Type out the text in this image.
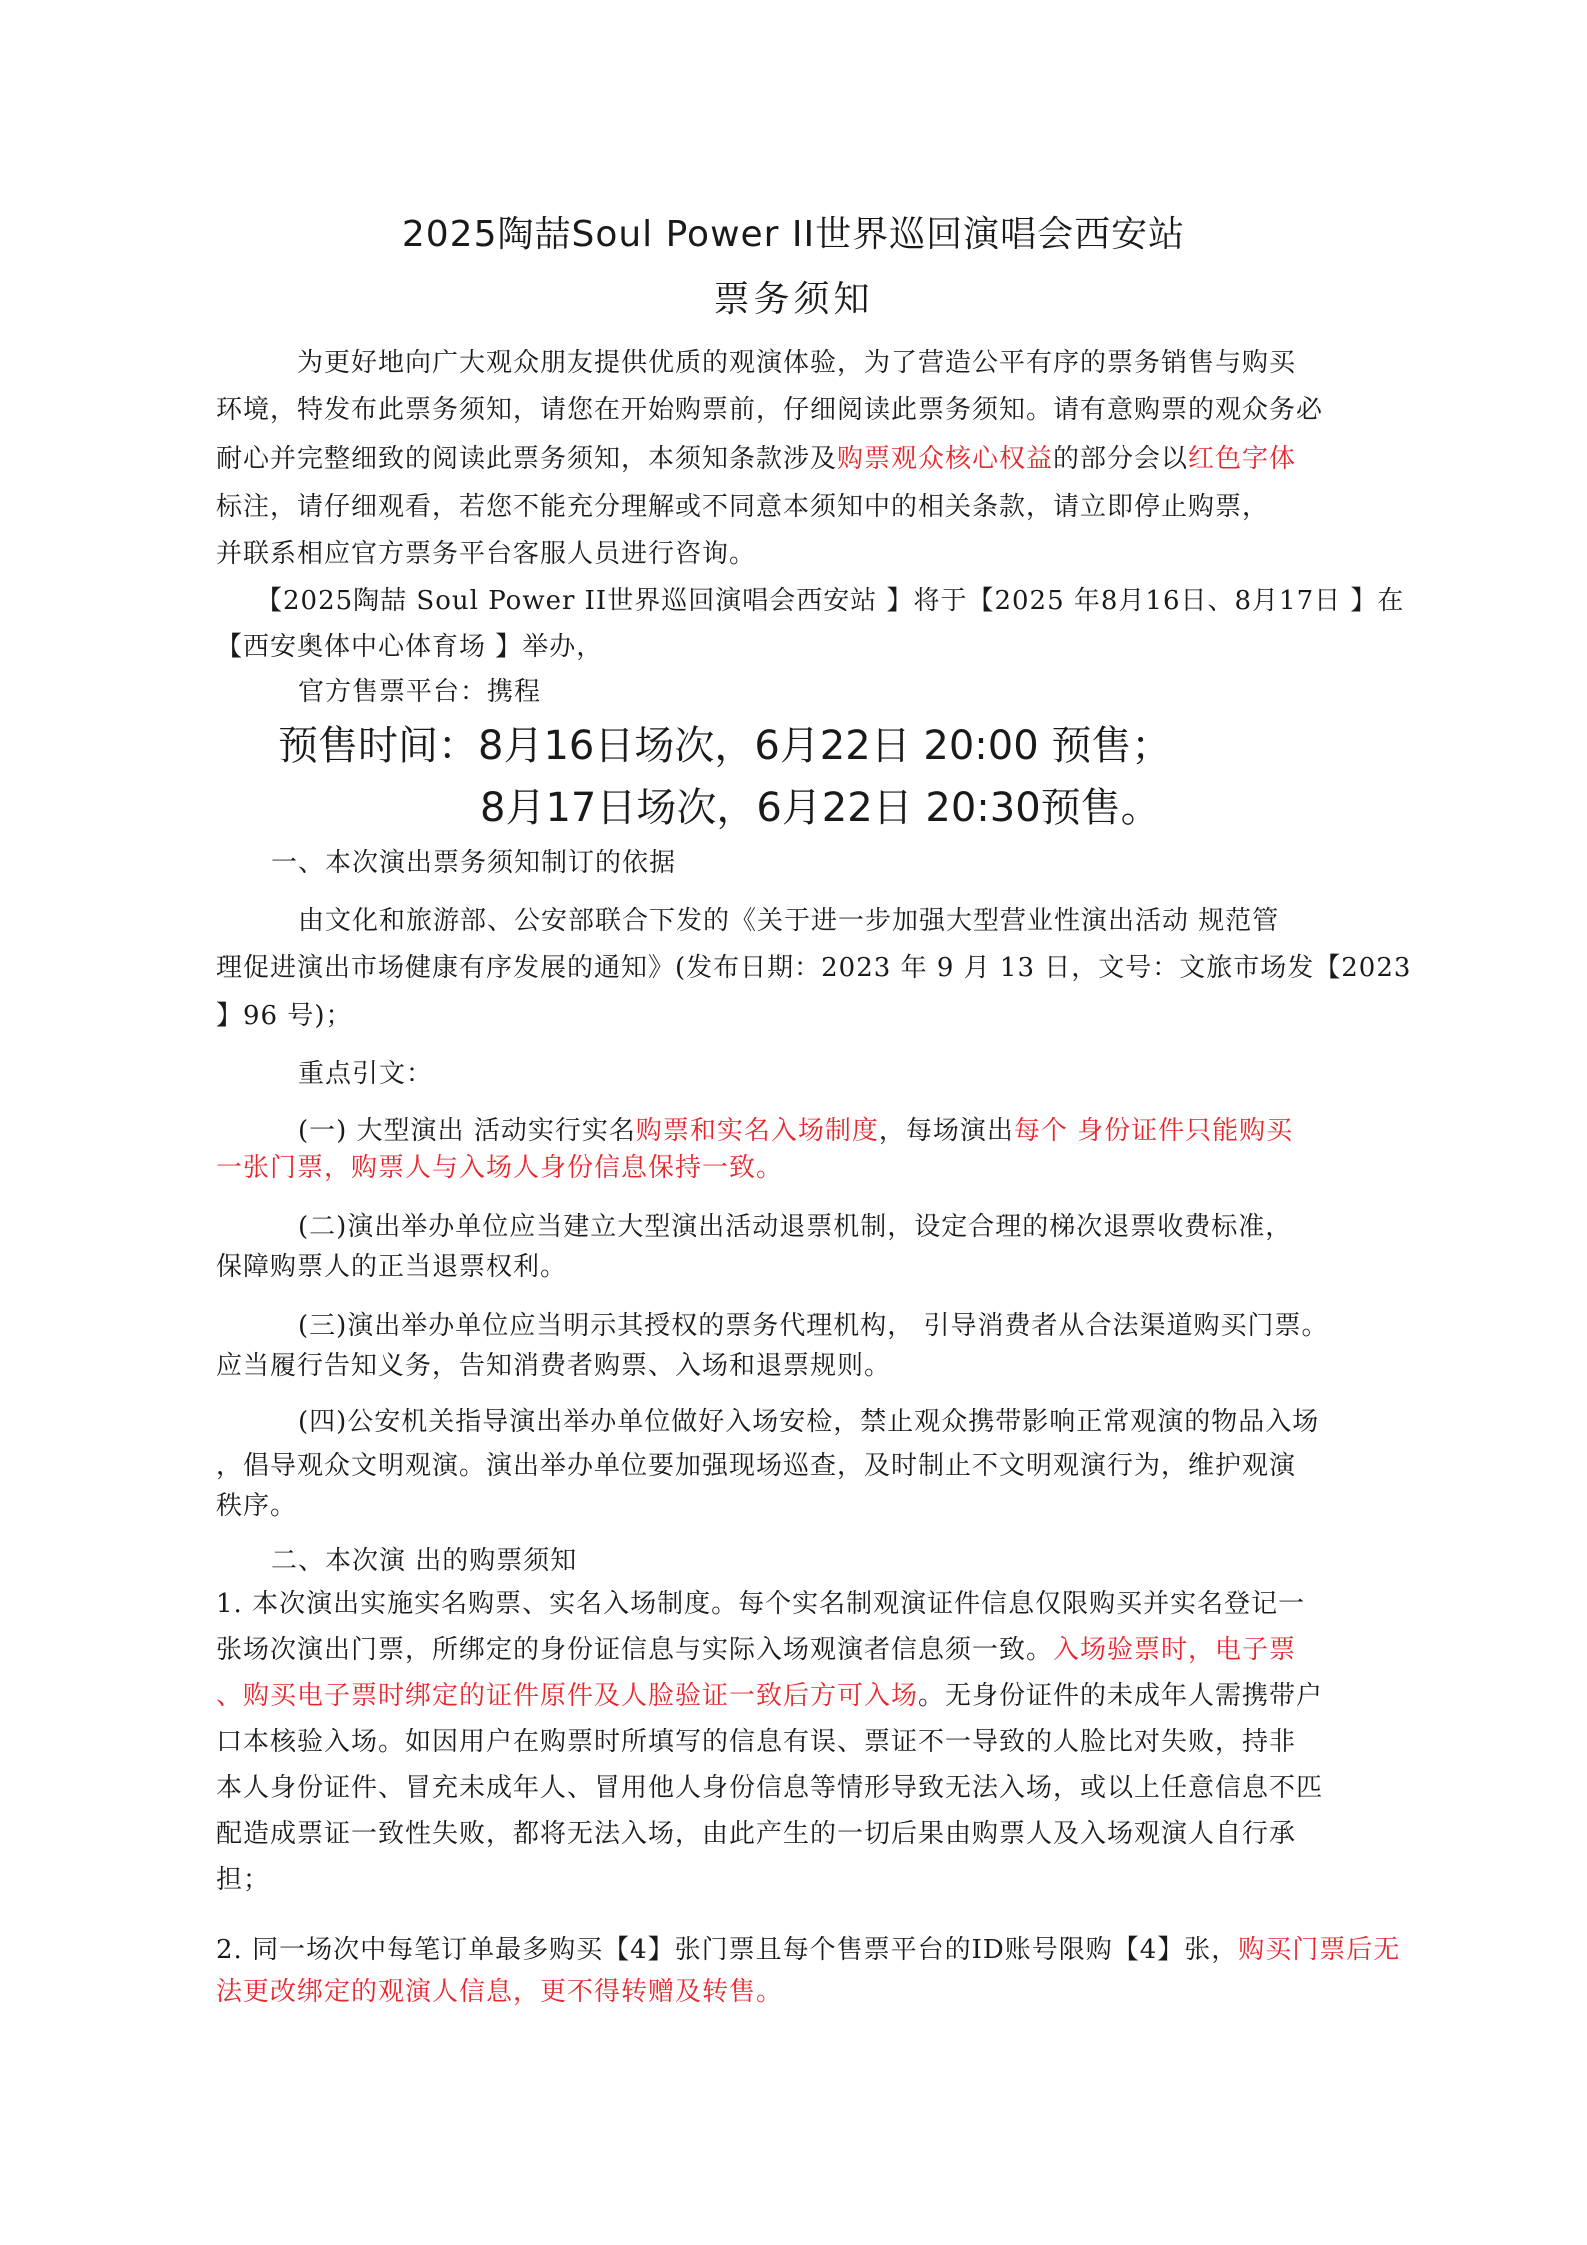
2025陶喆Soul Power II世界巡回演唱会西安站
票务须知
为更好地向广大观众朋友提供优质的观演体验，为了营造公平有序的票务销售与购买
环境，特发布此票务须知，请您在开始购票前，仔细阅读此票务须知。请有意购票的观众务必
耐心并完整细致的阅读此票务须知，本须知条款涉及购票观众核心权益的部分会以红色字体
标注，请仔细观看，若您不能充分理解或不同意本须知中的相关条款，请立即停止购票，
并联系相应官方票务平台客服人员进行咨询。
【2025陶喆 Soul Power II世界巡回演唱会西安站 】将于【2025 年8月16日、8月17日 】在
【西安奥体中心体育场 】举办，
官方售票平台：携程
预售时间：8月16日场次，6月22日 20:00 预售；
8月17日场次，6月22日 20:30预售。
一、本次演出票务须知制订的依据
由文化和旅游部、公安部联合下发的《关于进一步加强大型营业性演出活动 规范管
理促进演出市场健康有序发展的通知》(发布日期：2023 年 9 月 13 日，文号：文旅市场发【2023
】96 号)；
重点引文：
(一) 大型演出 活动实行实名购票和实名入场制度，每场演出每个 身份证件只能购买
一张门票，购票人与入场人身份信息保持一致。
(二)演出举办单位应当建立大型演出活动退票机制，设定合理的梯次退票收费标准，
保障购票人的正当退票权利。
(三)演出举办单位应当明示其授权的票务代理机构， 引导消费者从合法渠道购买门票。
应当履行告知义务，告知消费者购票、入场和退票规则。
(四)公安机关指导演出举办单位做好入场安检，禁止观众携带影响正常观演的物品入场
，倡导观众文明观演。演出举办单位要加强现场巡查，及时制止不文明观演行为，维护观演
秩序。
二、本次演 出的购票须知
1. 本次演出实施实名购票、实名入场制度。每个实名制观演证件信息仅限购买并实名登记一
张场次演出门票，所绑定的身份证信息与实际入场观演者信息须一致。入场验票时，电子票
、购买电子票时绑定的证件原件及人脸验证一致后方可入场。无身份证件的未成年人需携带户
口本核验入场。如因用户在购票时所填写的信息有误、票证不一导致的人脸比对失败，持非
本人身份证件、冒充未成年人、冒用他人身份信息等情形导致无法入场，或以上任意信息不匹
配造成票证一致性失败，都将无法入场，由此产生的一切后果由购票人及入场观演人自行承
担；
2. 同一场次中每笔订单最多购买【4】张门票且每个售票平台的ID账号限购【4】张，购买门票后无
法更改绑定的观演人信息，更不得转赠及转售。
